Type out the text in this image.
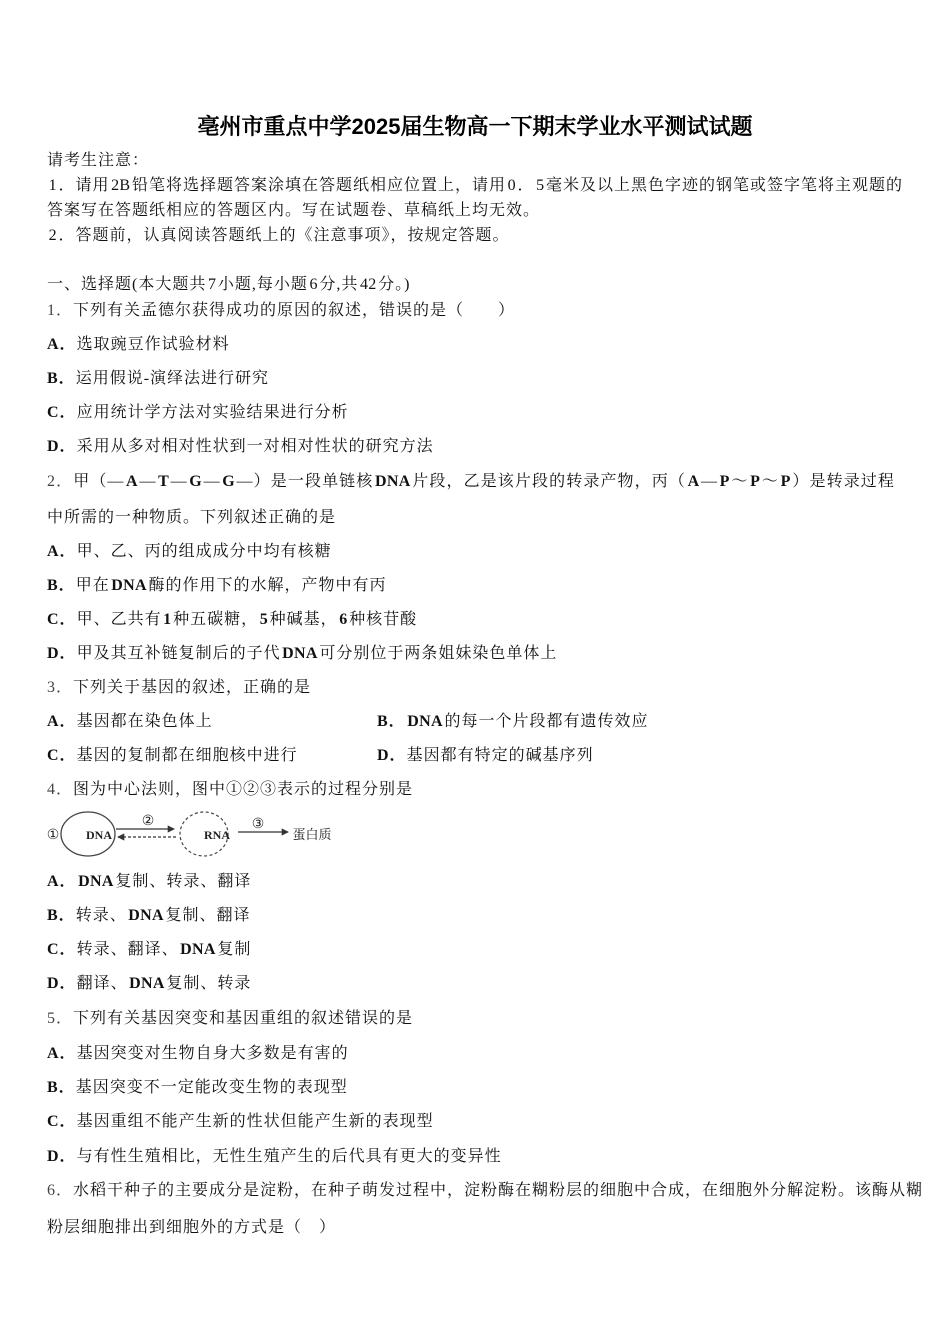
亳州市重点中学2025届生物高一下期末学业水平测试试题
请考生注意：
1．请用2B铅笔将选择题答案涂填在答题纸相应位置上，请用0．5毫米及以上黑色字迹的钢笔或签字笔将主观题的
答案写在答题纸相应的答题区内。写在试题卷、草稿纸上均无效。
2．答题前，认真阅读答题纸上的《注意事项》，按规定答题。
一、选择题(本大题共7小题,每小题6分,共42分。)
1．下列有关孟德尔获得成功的原因的叙述，错误的是（　　）
A．选取豌豆作试验材料
B．运用假说-演绎法进行研究
C．应用统计学方法对实验结果进行分析
D．采用从多对相对性状到一对相对性状的研究方法
2．甲（—A—T—G—G—）是一段单链核DNA片段，乙是该片段的转录产物，丙（A—P～P～P）是转录过程
中所需的一种物质。下列叙述正确的是
A．甲、乙、丙的组成成分中均有核糖
B．甲在DNA酶的作用下的水解，产物中有丙
C．甲、乙共有1种五碳糖，5种碱基，6种核苷酸
D．甲及其互补链复制后的子代DNA可分别位于两条姐妹染色单体上
3．下列关于基因的叙述，正确的是
A．基因都在染色体上	B．DNA的每一个片段都有遗传效应
C．基因的复制都在细胞核中进行	D．基因都有特定的碱基序列
4．图为中心法则，图中①②③表示的过程分别是
① DNA
②
RNA
③
蛋白质
A．DNA复制、转录、翻译
B．转录、DNA复制、翻译
C．转录、翻译、DNA复制
D．翻译、DNA复制、转录
5．下列有关基因突变和基因重组的叙述错误的是
A．基因突变对生物自身大多数是有害的
B．基因突变不一定能改变生物的表现型
C．基因重组不能产生新的性状但能产生新的表现型
D．与有性生殖相比，无性生殖产生的后代具有更大的变异性
6．水稻干种子的主要成分是淀粉，在种子萌发过程中，淀粉酶在糊粉层的细胞中合成，在细胞外分解淀粉。该酶从糊
粉层细胞排出到细胞外的方式是（　）
